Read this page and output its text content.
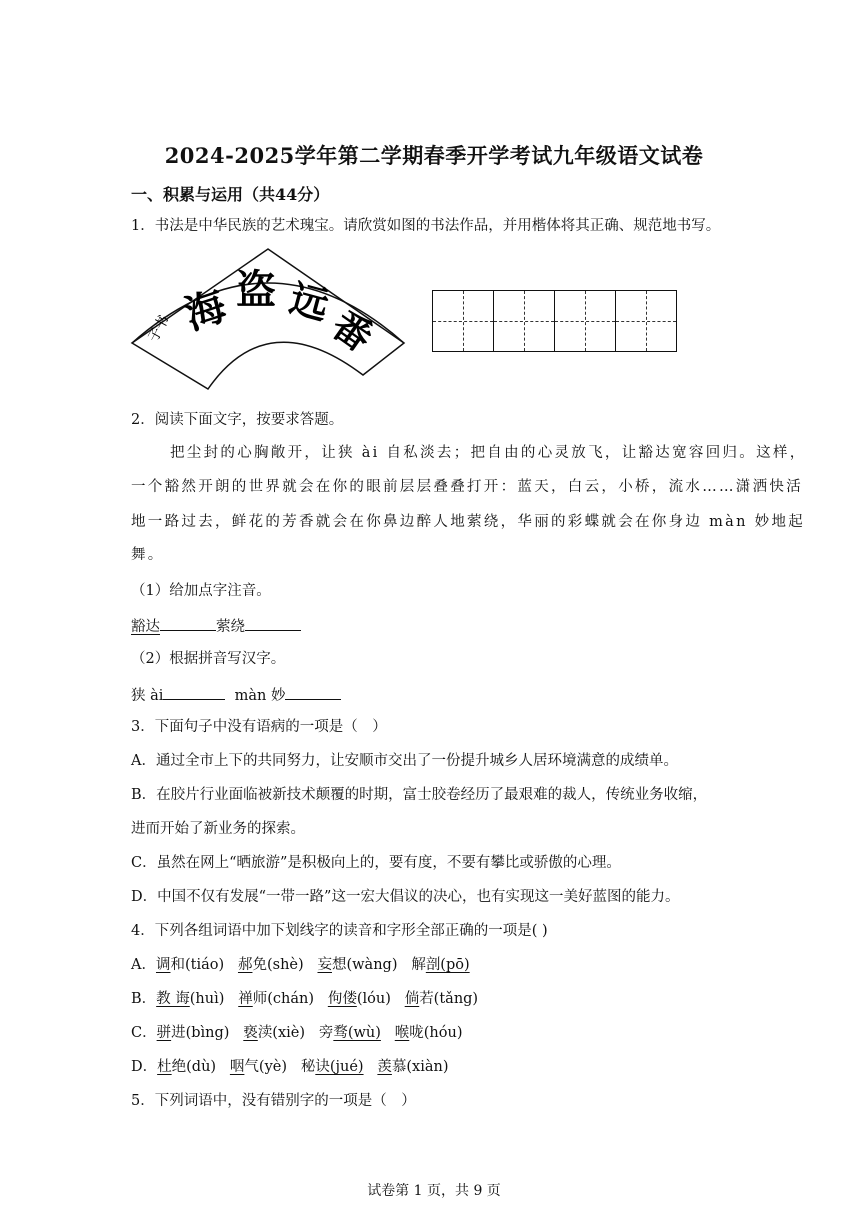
2024-2025学年第二学期春季开学考试九年级语文试卷
一、积累与运用（共44分）
1．书法是中华民族的艺术瑰宝。请欣赏如图的书法作品，并用楷体将其正确、规范地书写。
子书 海 盗 远
番
2．阅读下面文字，按要求答题。
把尘封的心胸敞开，让狭 ài 自私淡去；把自由的心灵放飞，让豁达宽容回归。这样，
一个豁然开朗的世界就会在你的眼前层层叠叠打开：蓝天，白云，小桥，流水……潇洒快活
地一路过去，鲜花的芳香就会在你鼻边醉人地萦绕，华丽的彩蝶就会在你身边 màn 妙地起
舞。
（1）给加点字注音。
豁达	萦绕
（2）根据拼音写汉字。
狭 ài	màn 妙
3．下面句子中没有语病的一项是（　）
A．通过全市上下的共同努力，让安顺市交出了一份提升城乡人居环境满意的成绩单。
B．在胶片行业面临被新技术颠覆的时期，富士胶卷经历了最艰难的裁人，传统业务收缩，
进而开始了新业务的探索。
C．虽然在网上“晒旅游”是积极向上的，要有度，不要有攀比或骄傲的心理。
D．中国不仅有发展“一带一路”这一宏大倡议的决心，也有实现这一美好蓝图的能力。
4．下列各组词语中加下划线字的读音和字形全部正确的一项是( )
A．调和(tiáo) 郝免(shè) 妄想(wàng) 解剖(pō)
B．教 诲(huì) 禅师(chán) 佝偻(lóu) 倘若(tǎng)
C．骈进(bìng) 亵渎(xiè) 旁骛(wù) 喉咙(hóu)
D．杜绝(dù) 咽气(yè) 秘诀(jué) 羡慕(xiàn)
5．下列词语中，没有错别字的一项是（　）
试卷第 1 页，共 9 页
